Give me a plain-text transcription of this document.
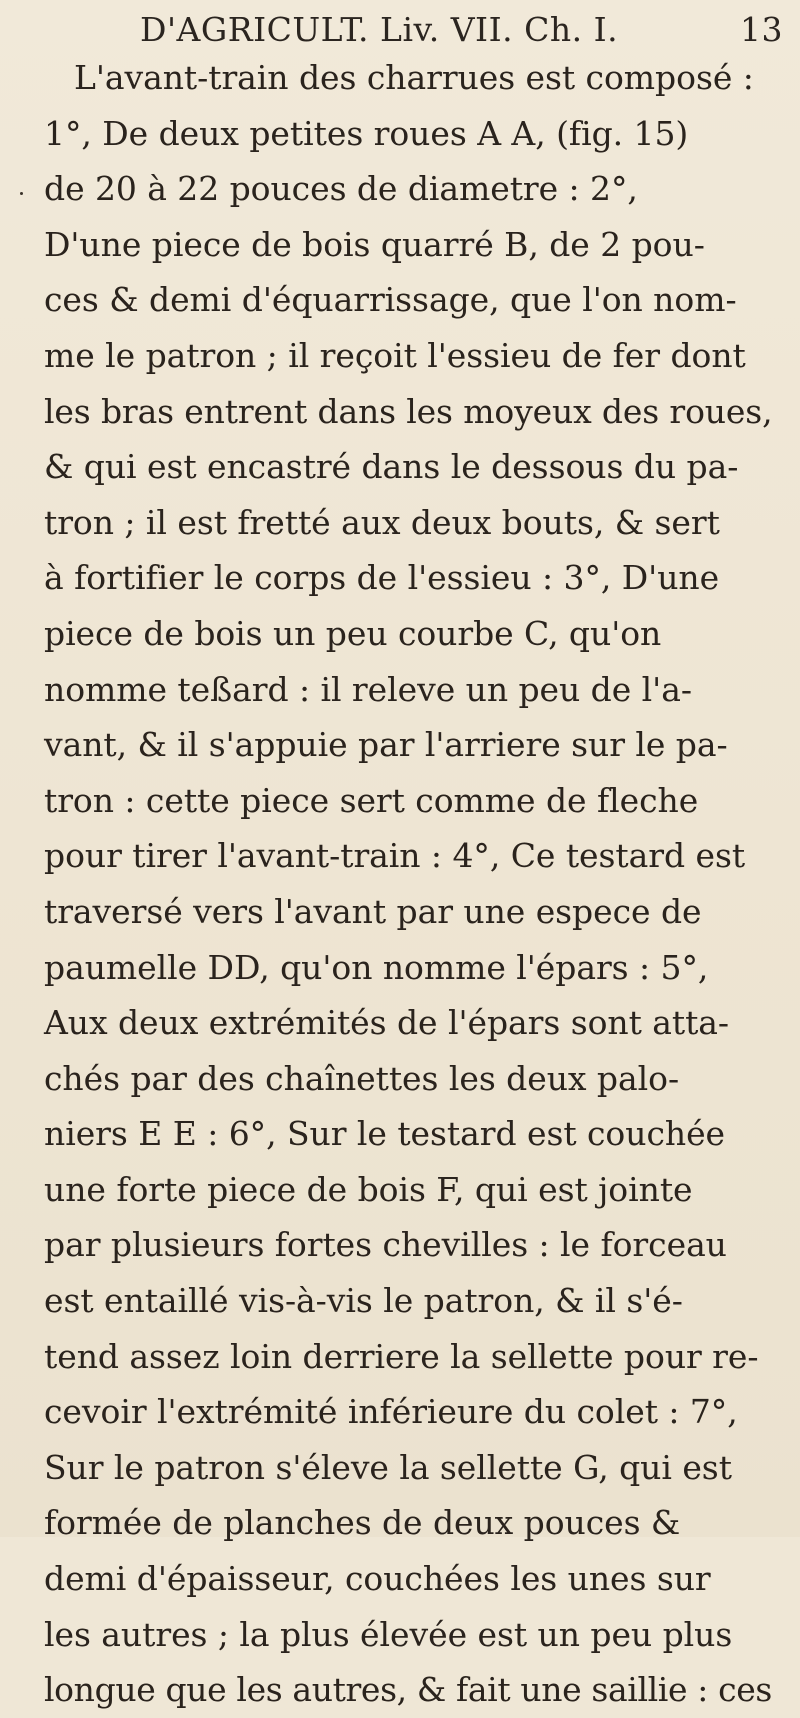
D'AGRICULT. Liv. VII. Ch. I.	13
L'avant-train des charrues est composé :
1°, De deux petites roues A A, (fig. 15)
de 20 à 22 pouces de diametre : 2°,
D'une piece de bois quarré B, de 2 pou-
ces & demi d'équarrissage, que l'on nom-
me le patron ; il reçoit l'essieu de fer dont
les bras entrent dans les moyeux des roues,
& qui est encastré dans le dessous du pa-
tron ; il est fretté aux deux bouts, & sert
à fortifier le corps de l'essieu : 3°, D'une
piece de bois un peu courbe C, qu'on
nomme teßard : il releve un peu de l'a-
vant, & il s'appuie par l'arriere sur le pa-
tron : cette piece sert comme de fleche
pour tirer l'avant-train : 4°, Ce testard est
traversé vers l'avant par une espece de
paumelle DD, qu'on nomme l'épars : 5°,
Aux deux extrémités de l'épars sont atta-
chés par des chaînettes les deux palo-
niers E E : 6°, Sur le testard est couchée
une forte piece de bois F, qui est jointe
par plusieurs fortes chevilles : le forceau
est entaillé vis-à-vis le patron, & il s'é-
tend assez loin derriere la sellette pour re-
cevoir l'extrémité inférieure du colet : 7°,
Sur le patron s'éleve la sellette G, qui est
formée de planches de deux pouces &
demi d'épaisseur, couchées les unes sur
les autres ; la plus élevée est un peu plus
longue que les autres, & fait une saillie : ces
